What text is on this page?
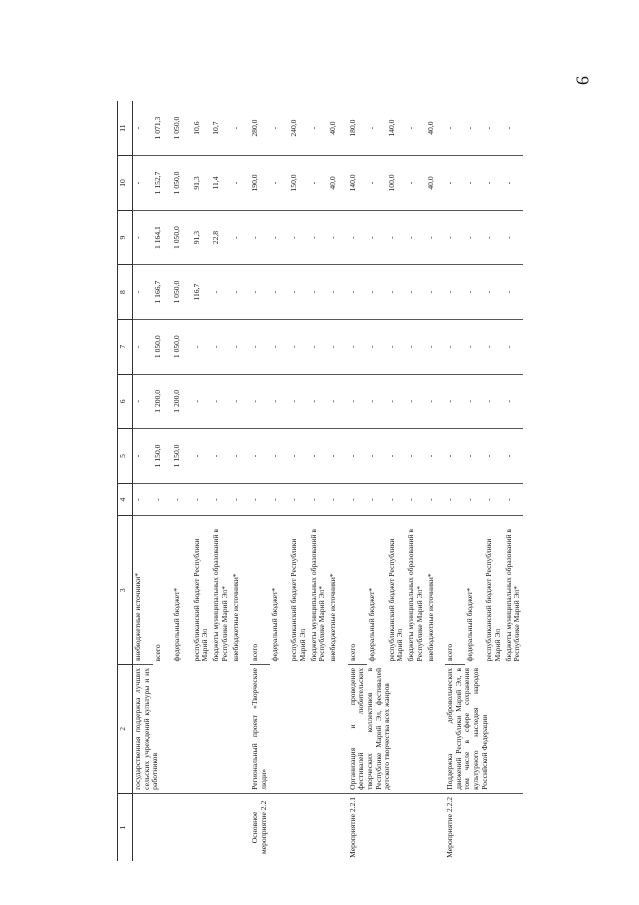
9
1	2	3	4	5	6	7	8	9	10	11
	государственная поддержка лучших сельских учреждений культуры и их работников	внебюджетные источники*	-	-	-	-	-	-	-	-
		всего	-	1 150,0	1 200,0	1 050,0	1 166,7	1 164,1	1 152,7	1 071,3
		федеральный бюджет*	-	1 150,0	1 200,0	1 050,0	1 050,0	1 050,0	1 050,0	1 050,0
		республиканский бюджет Республики Марий Эл	-	-	-	-	116,7	91,3	91,3	10,6
		бюджеты муниципальных образований в Республике Марий Эл*	-	-	-	-	-	22,8	11,4	10,7
		внебюджетные источники*	-	-	-	-	-	-	-	-
Основное мероприятие 2.2	Региональный проект «Творческие люди»	всего	-	-	-	-	-	-	190,0	280,0
		федеральный бюджет*	-	-	-	-	-	-	-	-
		республиканский бюджет Республики Марий Эл	-	-	-	-	-	-	150,0	240,0
		бюджеты муниципальных образований в Республике Марий Эл*	-	-	-	-	-	-	-	-
		внебюджетные источники*	-	-	-	-	-	-	40,0	40,0
Мероприятие 2.2.1	Организация и проведение фестивалей любительских творческих коллективов в Республике Марий Эл, фестивалей детского творчества всех жанров	всего	-	-	-	-	-	-	140,0	180,0
		федеральный бюджет*	-	-	-	-	-	-	-	-
		республиканский бюджет Республики Марий Эл	-	-	-	-	-	-	100,0	140,0
		бюджеты муниципальных образований в Республике Марий Эл*	-	-	-	-	-	-	-	-
		внебюджетные источники*	-	-	-	-	-	-	40,0	40,0
Мероприятие 2.2.2	Поддержка добровольческих движений Республики Марий Эл, в том числе в сфере сохранения культурного наследия народов Российской Федерации	всего	-	-	-	-	-	-	-	-
		федеральный бюджет*	-	-	-	-	-	-	-	-
		республиканский бюджет Республики Марий Эл	-	-	-	-	-	-	-	-
		бюджеты муниципальных образований в Республике Марий Эл*	-	-	-	-	-	-	-	-
